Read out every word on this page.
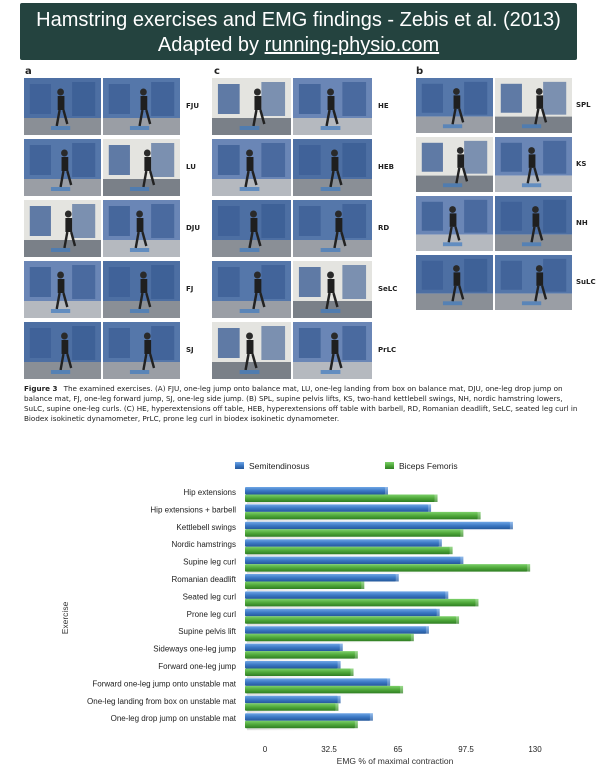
Hamstring exercises and EMG findings - Zebis et al. (2013)
Adapted by running-physio.com
a	c	b
Figure 3 The examined exercises. (A) FJU, one-leg jump onto balance mat, LU, one-leg landing from box on balance mat, DJU, one-leg drop jump on balance mat, FJ, one-leg forward jump, SJ, one-leg side jump. (B) SPL, supine pelvis lifts, KS, two-hand kettlebell swings, NH, nordic hamstring lowers, SuLC, supine one-leg curls. (C) HE, hyperextensions off table, HEB, hyperextensions off table with barbell, RD, Romanian deadlift, SeLC, seated leg curl in Biodex isokinetic dynamometer, PrLC, prone leg curl in biodex isokinetic dynamometer.
Semitendinosus	Biceps Femoris
Hip extensions
Hip extensions + barbell
Kettlebell swings
Nordic hamstrings
Supine leg curl
Romanian deadlift
Seated leg curl
Prone leg curl
Supine pelvis lift
Sideways one-leg jump
Forward one-leg jump
Forward one-leg jump onto unstable mat
One-leg landing from box on unstable mat
One-leg drop jump on unstable mat
0	32.5	65	97.5	130
EMG % of maximal contraction
Exercise
FJU
LU
DJU
FJ
SJ
HE
HEB
RD
SeLC
PrLC
SPL
KS
NH
SuLC
